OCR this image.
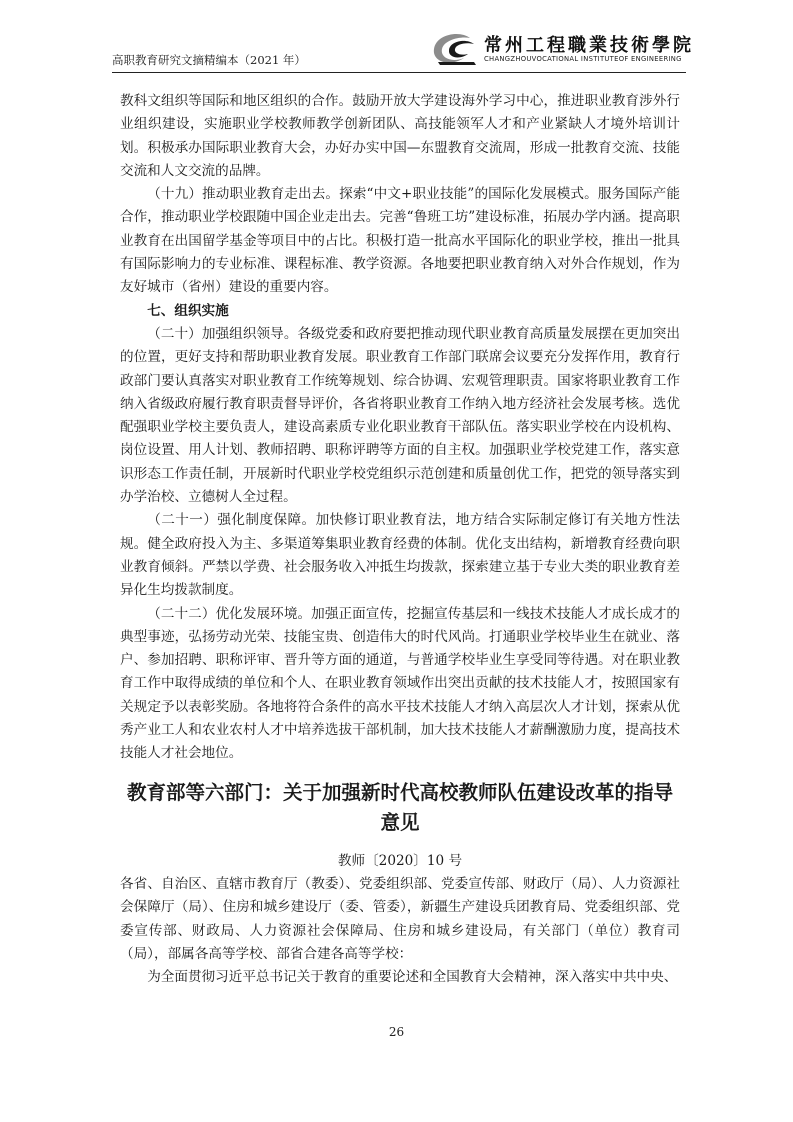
高职教育研究文摘精编本（2021 年）
常州工程職業技術學院
CHANGZHOUVOCATIONAL INSTITUTEOF ENGINEERING

教科文组织等国际和地区组织的合作。鼓励开放大学建设海外学习中心，推进职业教育涉外行业组织建设，实施职业学校教师教学创新团队、高技能领军人才和产业紧缺人才境外培训计划。积极承办国际职业教育大会，办好办实中国—东盟教育交流周，形成一批教育交流、技能交流和人文交流的品牌。

（十九）推动职业教育走出去。探索“中文+职业技能”的国际化发展模式。服务国际产能合作，推动职业学校跟随中国企业走出去。完善“鲁班工坊”建设标准，拓展办学内涵。提高职业教育在出国留学基金等项目中的占比。积极打造一批高水平国际化的职业学校，推出一批具有国际影响力的专业标准、课程标准、教学资源。各地要把职业教育纳入对外合作规划，作为友好城市（省州）建设的重要内容。

七、组织实施

（二十）加强组织领导。各级党委和政府要把推动现代职业教育高质量发展摆在更加突出的位置，更好支持和帮助职业教育发展。职业教育工作部门联席会议要充分发挥作用，教育行政部门要认真落实对职业教育工作统筹规划、综合协调、宏观管理职责。国家将职业教育工作纳入省级政府履行教育职责督导评价，各省将职业教育工作纳入地方经济社会发展考核。选优配强职业学校主要负责人，建设高素质专业化职业教育干部队伍。落实职业学校在内设机构、岗位设置、用人计划、教师招聘、职称评聘等方面的自主权。加强职业学校党建工作，落实意识形态工作责任制，开展新时代职业学校党组织示范创建和质量创优工作，把党的领导落实到办学治校、立德树人全过程。

（二十一）强化制度保障。加快修订职业教育法，地方结合实际制定修订有关地方性法规。健全政府投入为主、多渠道筹集职业教育经费的体制。优化支出结构，新增教育经费向职业教育倾斜。严禁以学费、社会服务收入冲抵生均拨款，探索建立基于专业大类的职业教育差异化生均拨款制度。

（二十二）优化发展环境。加强正面宣传，挖掘宣传基层和一线技术技能人才成长成才的典型事迹，弘扬劳动光荣、技能宝贵、创造伟大的时代风尚。打通职业学校毕业生在就业、落户、参加招聘、职称评审、晋升等方面的通道，与普通学校毕业生享受同等待遇。对在职业教育工作中取得成绩的单位和个人、在职业教育领域作出突出贡献的技术技能人才，按照国家有关规定予以表彰奖励。各地将符合条件的高水平技术技能人才纳入高层次人才计划，探索从优秀产业工人和农业农村人才中培养选拔干部机制，加大技术技能人才薪酬激励力度，提高技术技能人才社会地位。

教育部等六部门：关于加强新时代高校教师队伍建设改革的指导意见

教师〔2020〕10 号

各省、自治区、直辖市教育厅（教委）、党委组织部、党委宣传部、财政厅（局）、人力资源社会保障厅（局）、住房和城乡建设厅（委、管委），新疆生产建设兵团教育局、党委组织部、党委宣传部、财政局、人力资源社会保障局、住房和城乡建设局，有关部门（单位）教育司（局），部属各高等学校、部省合建各高等学校：

为全面贯彻习近平总书记关于教育的重要论述和全国教育大会精神，深入落实中共中央、

26
